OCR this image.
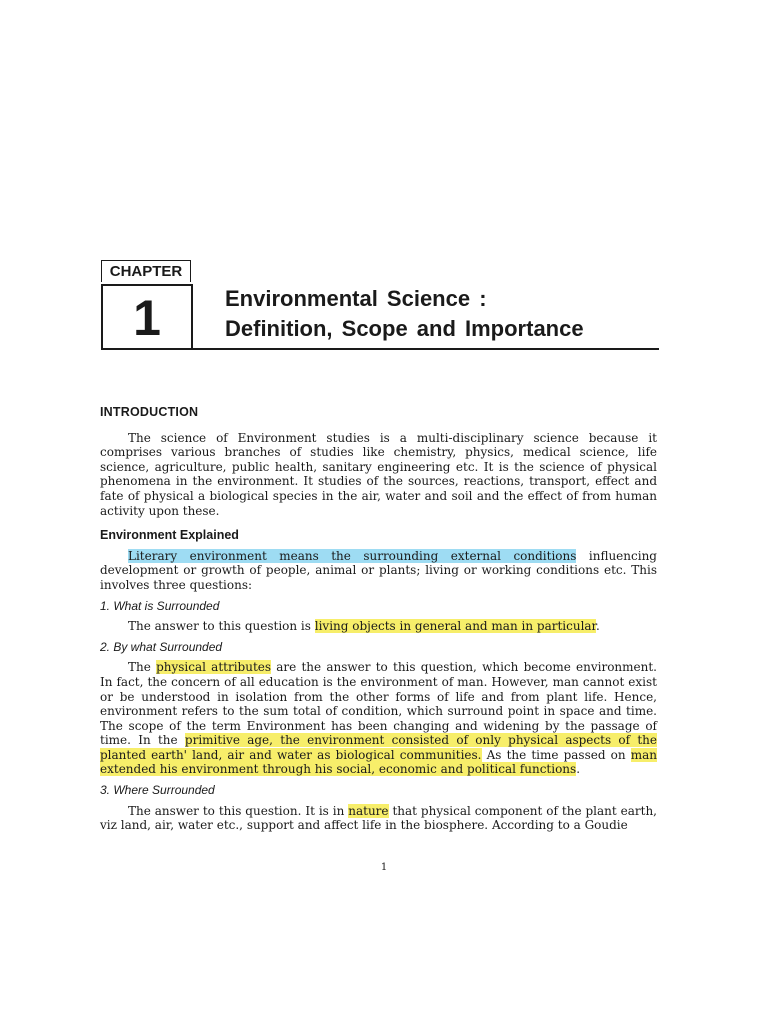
CHAPTER
1	Environmental Science :
Definition, Scope and Importance
INTRODUCTION

The science of Environment studies is a multi-disciplinary science because it comprises various branches of studies like chemistry, physics, medical science, life science, agriculture, public health, sanitary engineering etc. It is the science of physical phenomena in the environment. It studies of the sources, reactions, transport, effect and fate of physical a biological species in the air, water and soil and the effect of from human activity upon these.

Environment Explained

Literary environment means the surrounding external conditions influencing development or growth of people, animal or plants; living or working conditions etc. This involves three questions:

1. What is Surrounded

The answer to this question is living objects in general and man in particular.

2. By what Surrounded

The physical attributes are the answer to this question, which become environment. In fact, the concern of all education is the environment of man. However, man cannot exist or be understood in isolation from the other forms of life and from plant life. Hence, environment refers to the sum total of condition, which surround point in space and time. The scope of the term Environment has been changing and widening by the passage of time. In the primitive age, the environment consisted of only physical aspects of the planted earth' land, air and water as biological communities. As the time passed on man extended his environment through his social, economic and political functions.

3. Where Surrounded

The answer to this question. It is in nature that physical component of the plant earth, viz land, air, water etc., support and affect life in the biosphere. According to a Goudie

1
